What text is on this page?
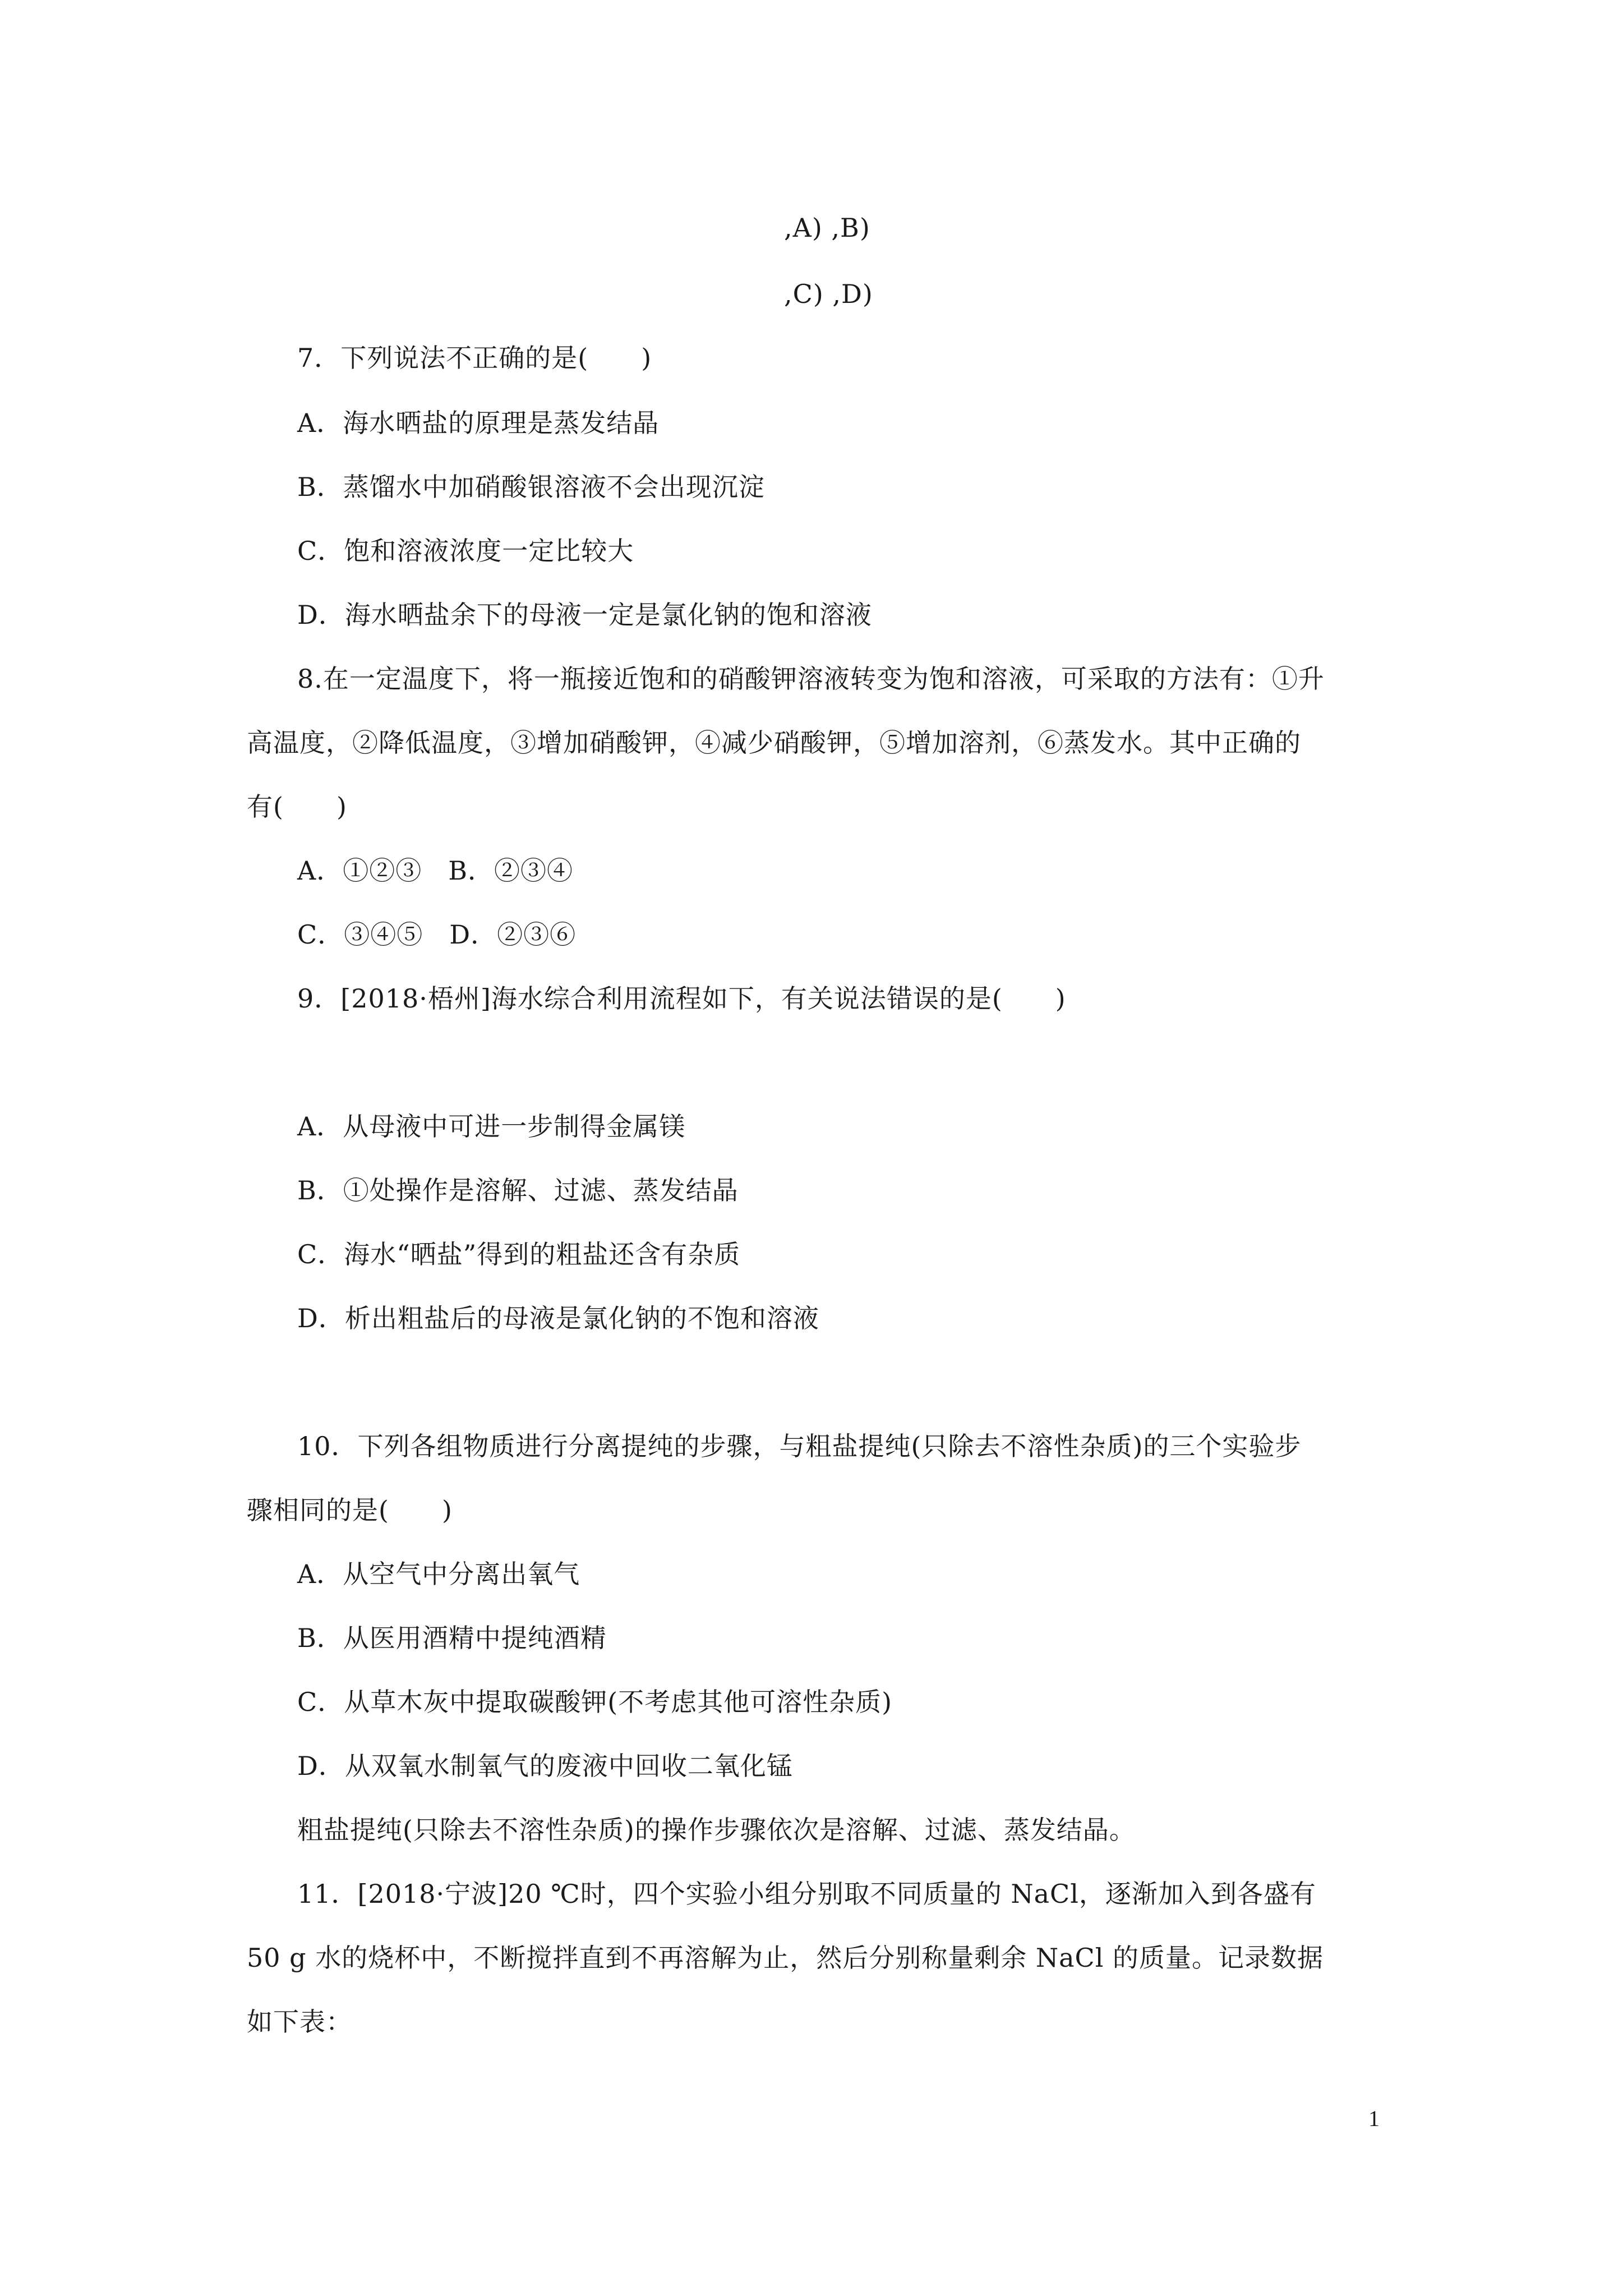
,A) ,B)
,C) ,D)
7．下列说法不正确的是(　　)
A．海水晒盐的原理是蒸发结晶
B．蒸馏水中加硝酸银溶液不会出现沉淀
C．饱和溶液浓度一定比较大
D．海水晒盐余下的母液一定是氯化钠的饱和溶液
8.在一定温度下，将一瓶接近饱和的硝酸钾溶液转变为饱和溶液，可采取的方法有：①升
高温度，②降低温度，③增加硝酸钾，④减少硝酸钾，⑤增加溶剂，⑥蒸发水。其中正确的
有(　　)
A．①②③　B．②③④
C．③④⑤　D．②③⑥
9．[2018·梧州]海水综合利用流程如下，有关说法错误的是(　　)
A．从母液中可进一步制得金属镁
B．①处操作是溶解、过滤、蒸发结晶
C．海水“晒盐”得到的粗盐还含有杂质
D．析出粗盐后的母液是氯化钠的不饱和溶液
10．下列各组物质进行分离提纯的步骤，与粗盐提纯(只除去不溶性杂质)的三个实验步
骤相同的是(　　)
A．从空气中分离出氧气
B．从医用酒精中提纯酒精
C．从草木灰中提取碳酸钾(不考虑其他可溶性杂质)
D．从双氧水制氧气的废液中回收二氧化锰
粗盐提纯(只除去不溶性杂质)的操作步骤依次是溶解、过滤、蒸发结晶。
11．[2018·宁波]20 ℃时，四个实验小组分别取不同质量的 NaCl，逐渐加入到各盛有
50 g 水的烧杯中，不断搅拌直到不再溶解为止，然后分别称量剩余 NaCl 的质量。记录数据
如下表：
1
